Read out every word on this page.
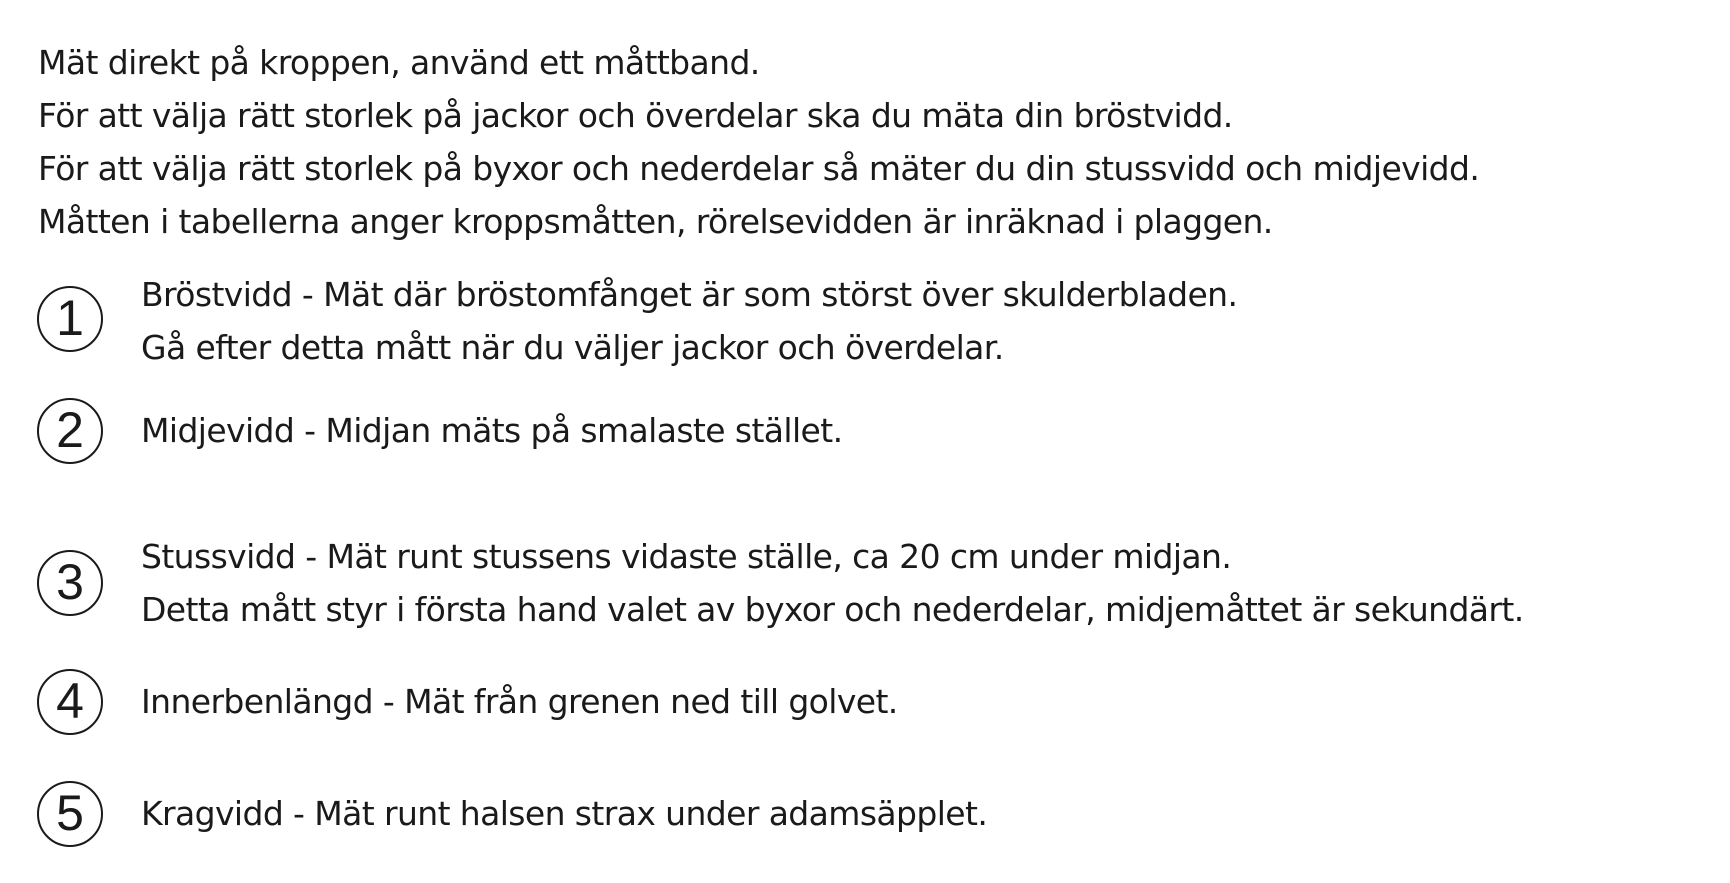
Mät direkt på kroppen, använd ett måttband.
För att välja rätt storlek på jackor och överdelar ska du mäta din bröstvidd.
För att välja rätt storlek på byxor och nederdelar så mäter du din stussvidd och midjevidd.
Måtten i tabellerna anger kroppsmåtten, rörelsevidden är inräknad i plaggen.
1	Bröstvidd - Mät där bröstomfånget är som störst över skulderbladen.
Gå efter detta mått när du väljer jackor och överdelar.
2	Midjevidd - Midjan mäts på smalaste stället.
3	Stussvidd - Mät runt stussens vidaste ställe, ca 20 cm under midjan.
Detta mått styr i första hand valet av byxor och nederdelar, midjemåttet är sekundärt.
4	Innerbenlängd - Mät från grenen ned till golvet.
5	Kragvidd - Mät runt halsen strax under adamsäpplet.
